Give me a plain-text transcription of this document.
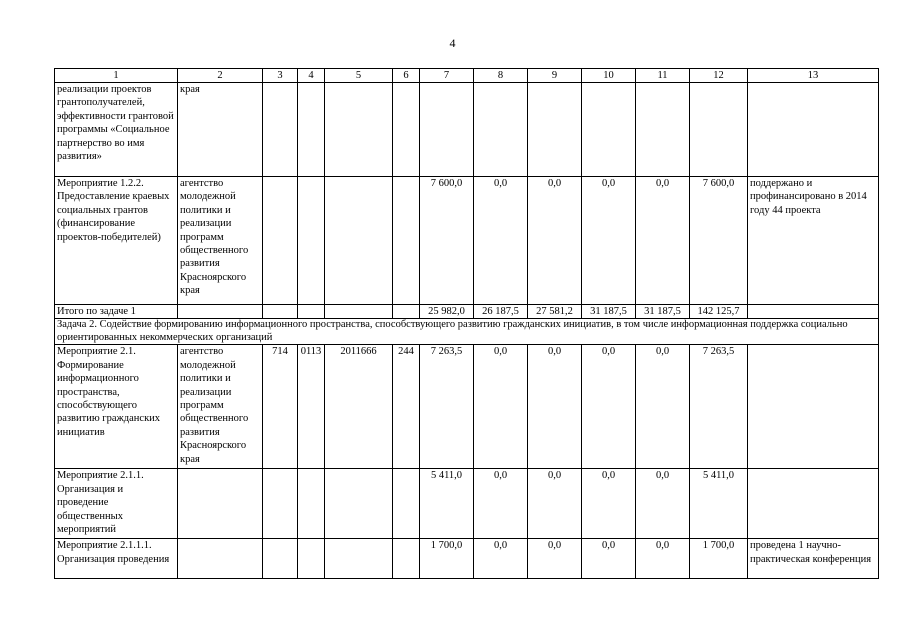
4
1	2	3	4	5	6	7	8	9	10	11	12	13
реализации проектов грантополучателей, эффективности грантовой программы «Социальное партнерство во имя развития»	края											
Мероприятие 1.2.2. Предоставление краевых социальных грантов (финансирование проектов-победителей)	агентство молодежной политики и реализации программ общественного развития Красноярского края					7 600,0	0,0	0,0	0,0	0,0	7 600,0	поддержано и профинансировано в 2014 году 44 проекта
Итого по задаче 1						25 982,0	26 187,5	27 581,2	31 187,5	31 187,5	142 125,7	
Задача 2. Содействие формированию информационного пространства, способствующего развитию гражданских инициатив, в том числе информационная поддержка социально ориентированных некоммерческих организаций												
Мероприятие 2.1. Формирование информационного пространства, способствующего развитию гражданских инициатив	агентство молодежной политики и реализации программ общественного развития Красноярского края	714	0113	2011666	244	7 263,5	0,0	0,0	0,0	0,0	7 263,5	
Мероприятие 2.1.1. Организация и проведение общественных мероприятий						5 411,0	0,0	0,0	0,0	0,0	5 411,0	
Мероприятие 2.1.1.1. Организация проведения						1 700,0	0,0	0,0	0,0	0,0	1 700,0	проведена 1 научно-практическая конференция
